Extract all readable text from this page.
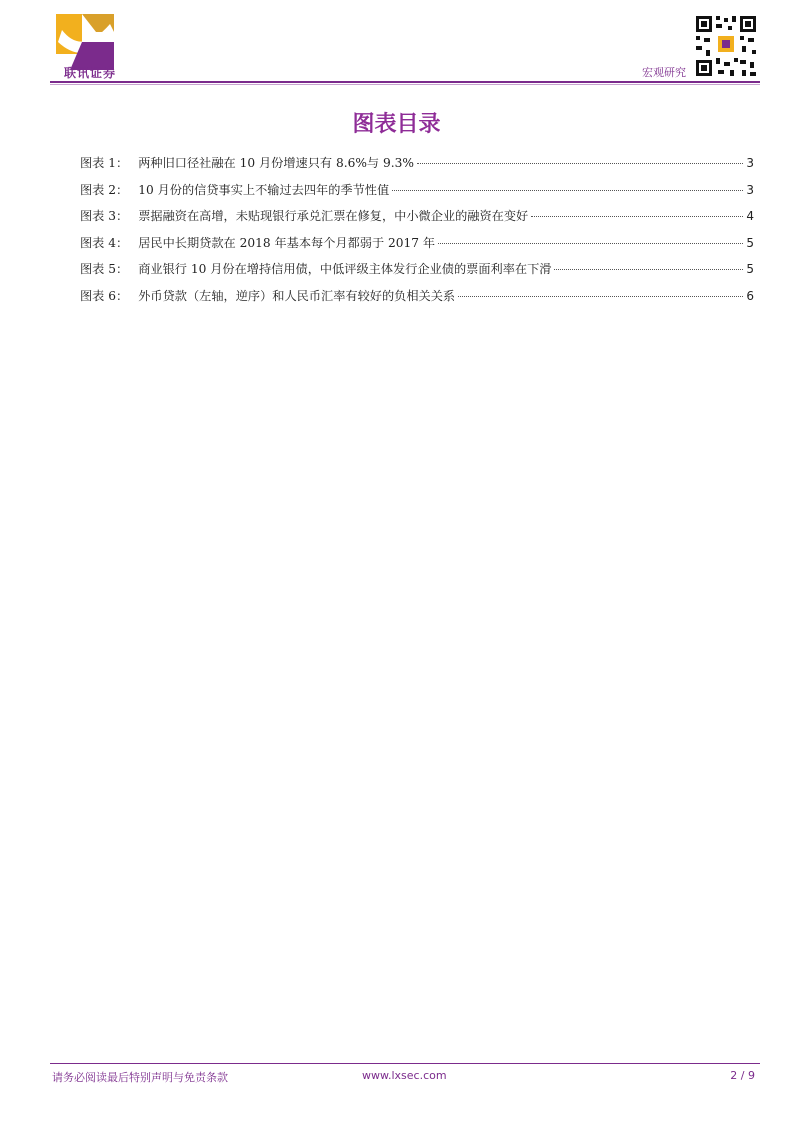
联讯证券	宏观研究
图表目录
图表 1： 两种旧口径社融在 10 月份增速只有 8.6%与 9.3%	3
图表 2： 10 月份的信贷事实上不输过去四年的季节性值	3
图表 3： 票据融资在高增，未贴现银行承兑汇票在修复，中小微企业的融资在变好	4
图表 4： 居民中长期贷款在 2018 年基本每个月都弱于 2017 年	5
图表 5： 商业银行 10 月份在增持信用债，中低评级主体发行企业债的票面利率在下滑	5
图表 6： 外币贷款（左轴，逆序）和人民币汇率有较好的负相关关系	6
请务必阅读最后特别声明与免责条款	www.lxsec.com	2 / 9
